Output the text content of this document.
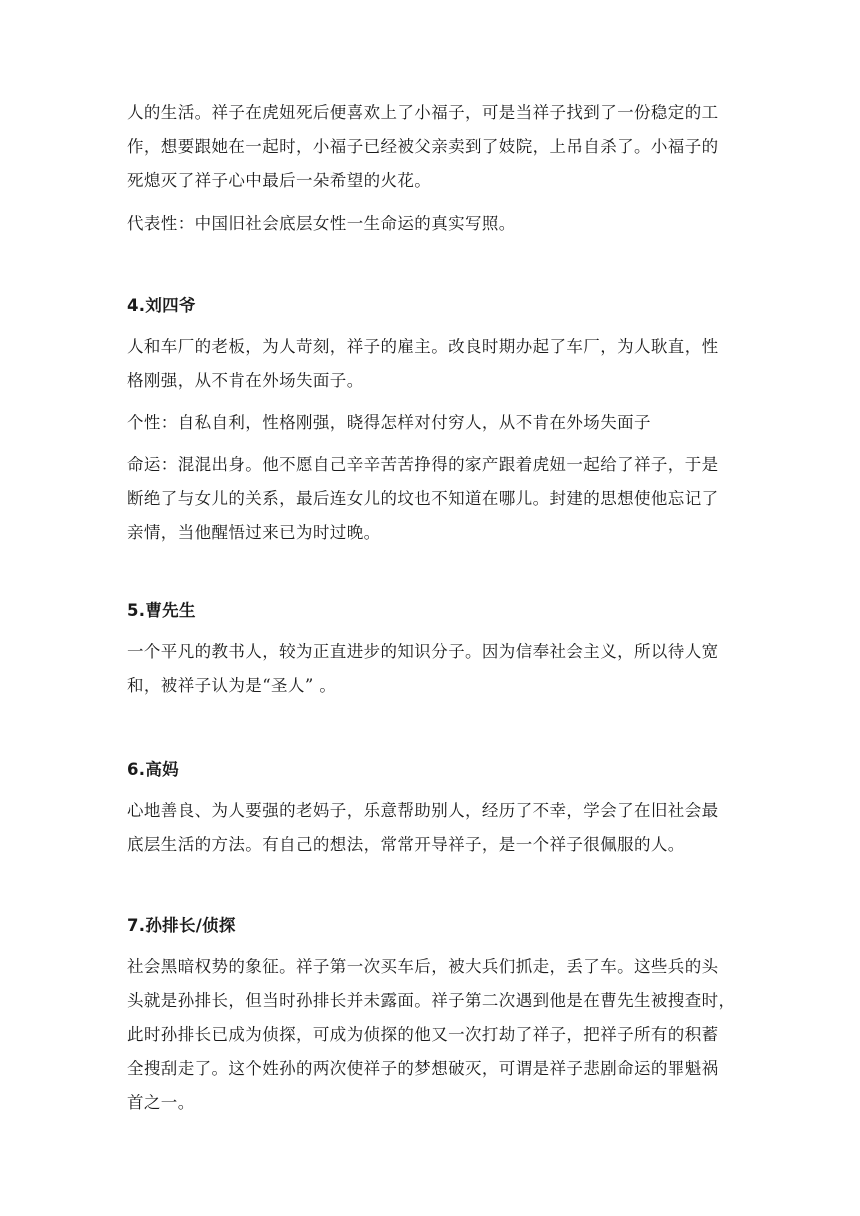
人的生活。祥子在虎妞死后便喜欢上了小福子，可是当祥子找到了一份稳定的工
作，想要跟她在一起时，小福子已经被父亲卖到了妓院，上吊自杀了。小福子的
死熄灭了祥子心中最后一朵希望的火花。
代表性：中国旧社会底层女性一生命运的真实写照。
4.刘四爷
人和车厂的老板，为人苛刻，祥子的雇主。改良时期办起了车厂，为人耿直，性
格刚强，从不肯在外场失面子。
个性：自私自利，性格刚强，晓得怎样对付穷人，从不肯在外场失面子
命运：混混出身。他不愿自己辛辛苦苦挣得的家产跟着虎妞一起给了祥子，于是
断绝了与女儿的关系，最后连女儿的坟也不知道在哪儿。封建的思想使他忘记了
亲情，当他醒悟过来已为时过晚。
5.曹先生
一个平凡的教书人，较为正直进步的知识分子。因为信奉社会主义，所以待人宽
和，被祥子认为是“圣人” 。
6.高妈
心地善良、为人要强的老妈子，乐意帮助别人，经历了不幸，学会了在旧社会最
底层生活的方法。有自己的想法，常常开导祥子，是一个祥子很佩服的人。
7.孙排长/侦探
社会黑暗权势的象征。祥子第一次买车后，被大兵们抓走，丢了车。这些兵的头
头就是孙排长，但当时孙排长并未露面。祥子第二次遇到他是在曹先生被搜查时，
此时孙排长已成为侦探，可成为侦探的他又一次打劫了祥子，把祥子所有的积蓄
全搜刮走了。这个姓孙的两次使祥子的梦想破灭，可谓是祥子悲剧命运的罪魁祸
首之一。
